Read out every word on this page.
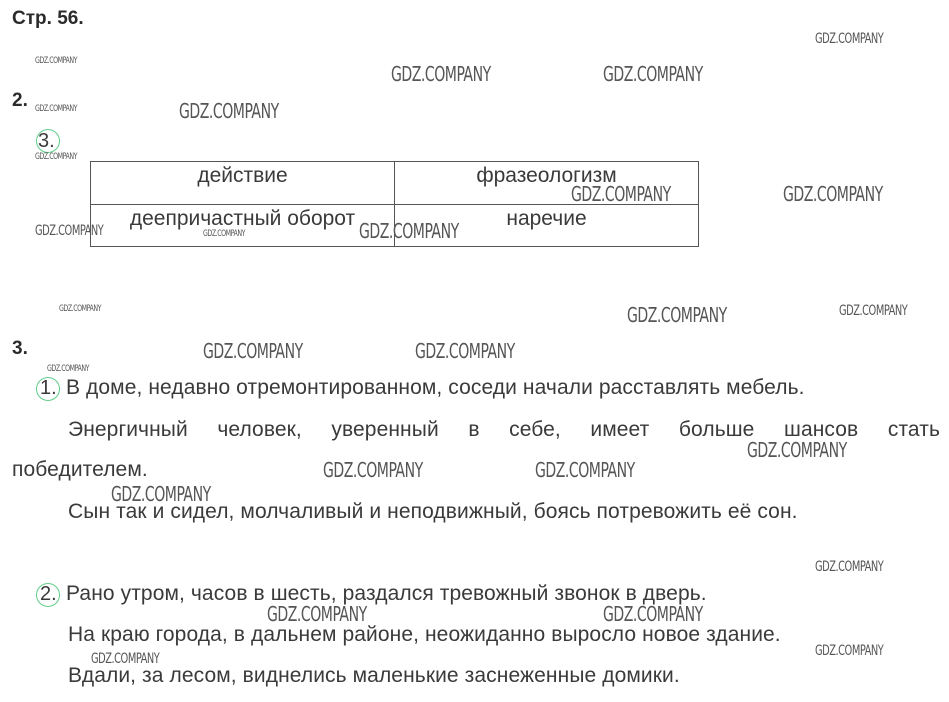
Стр. 56.
2.
3.
действие	фразеологизм
деепричастный оборот	наречие
3.
1. В доме, недавно отремонтированном, соседи начали расставлять мебель.
Энергичный человек, уверенный в себе, имеет больше шансов стать
победителем.
Сын так и сидел, молчаливый и неподвижный, боясь потревожить её сон.
2. Рано утром, часов в шесть, раздался тревожный звонок в дверь.
На краю города, в дальнем районе, неожиданно выросло новое здание.
Вдали, за лесом, виднелись маленькие заснеженные домики.
GDZ.COMPANY
GDZ.COMPANY
GDZ.COMPANY	GDZ.COMPANY
GDZ.COMPANY	GDZ.COMPANY
GDZ.COMPANY
GDZ.COMPANY	GDZ.COMPANY
GDZ.COMPANY	GDZ.COMPANY	GDZ.COMPANY
GDZ.COMPANY	GDZ.COMPANY	GDZ.COMPANY
GDZ.COMPANY	GDZ.COMPANY
GDZ.COMPANY
GDZ.COMPANY
GDZ.COMPANY	GDZ.COMPANY
GDZ.COMPANY
GDZ.COMPANY
GDZ.COMPANY	GDZ.COMPANY
GDZ.COMPANY
GDZ.COMPANY
